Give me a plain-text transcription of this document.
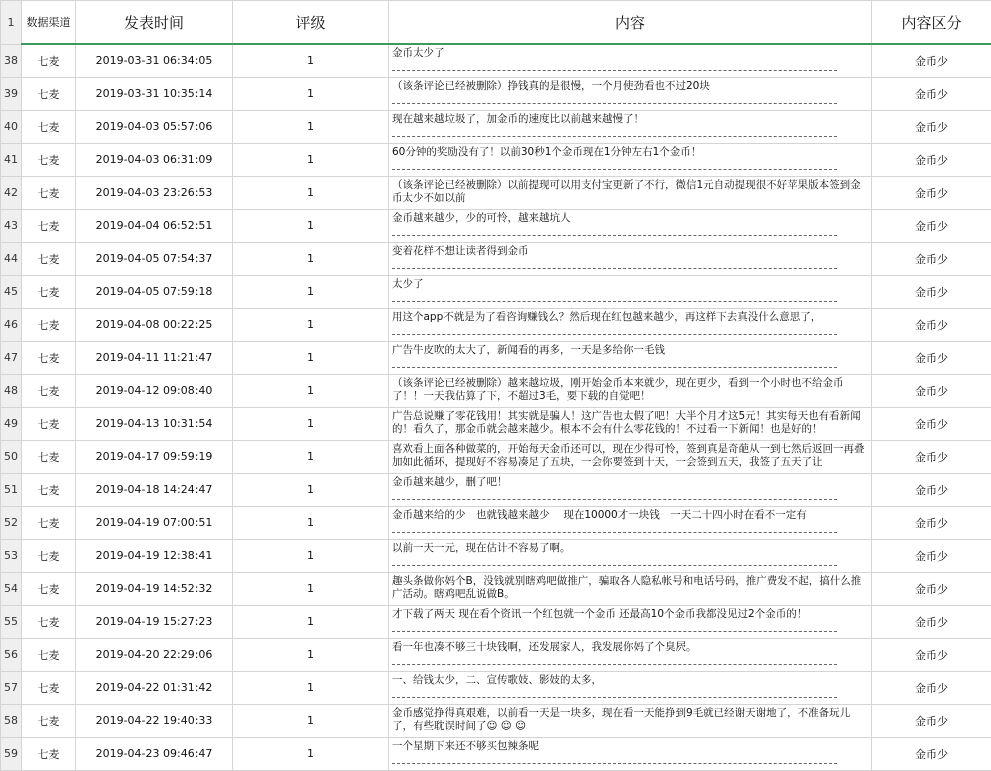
1	数据渠道	发表时间	评级	内容	内容区分
38	七麦	2019-03-31 06:34:05	1	金币太少了	金币少
39	七麦	2019-03-31 10:35:14	1	（该条评论已经被删除）挣钱真的是很慢，一个月使劲看也不过20块	金币少
40	七麦	2019-04-03 05:57:06	1	现在越来越垃圾了，加金币的速度比以前越来越慢了！	金币少
41	七麦	2019-04-03 06:31:09	1	60分钟的奖励没有了！以前30秒1个金币现在1分钟左右1个金币！	金币少
42	七麦	2019-04-03 23:26:53	1	（该条评论已经被删除）以前提现可以用支付宝更新了不行，微信1元自动提现很不好苹果版本签到金币太少不如以前	金币少
43	七麦	2019-04-04 06:52:51	1	金币越来越少，少的可怜，越来越坑人	金币少
44	七麦	2019-04-05 07:54:37	1	变着花样不想让读者得到金币	金币少
45	七麦	2019-04-05 07:59:18	1	太少了	金币少
46	七麦	2019-04-08 00:22:25	1	用这个app不就是为了看咨询赚钱么？然后现在红包越来越少，再这样下去真没什么意思了，	金币少
47	七麦	2019-04-11 11:21:47	1	广告牛皮吹的太大了，新闻看的再多，一天是多给你一毛钱	金币少
48	七麦	2019-04-12 09:08:40	1	（该条评论已经被删除）越来越垃圾，刚开始金币本来就少，现在更少，看到一个小时也不给金币了！！一天我估算了下，不超过3毛，要下载的自觉吧！	金币少
49	七麦	2019-04-13 10:31:54	1	广告总说赚了零花钱用！其实就是骗人！这广告也太假了吧！大半个月才这5元！其实每天也有看新闻的！看久了，那金币就会越来越少。根本不会有什么零花钱的！不过看一下新闻！也是好的！	金币少
50	七麦	2019-04-17 09:59:19	1	喜欢看上面各种做菜的，开始每天金币还可以，现在少得可怜，签到真是奇葩从一到七然后返回一再叠加如此循环，提现好不容易凑足了五块，一会你要签到十天，一会签到五天，我签了五天了让	金币少
51	七麦	2019-04-18 14:24:47	1	金币越来越少，删了吧！	金币少
52	七麦	2019-04-19 07:00:51	1	金币越来给的少　也就钱越来越少　 现在10000才一块钱　一天二十四小时在看不一定有	金币少
53	七麦	2019-04-19 12:38:41	1	以前一天一元，现在估计不容易了啊。	金币少
54	七麦	2019-04-19 14:52:32	1	趣头条做你妈个B，没钱就别瞎鸡吧做推广，骗取各人隐私帐号和电话号码，推广费发不起，搞什么推广活动。瞎鸡吧乱说做B。	金币少
55	七麦	2019-04-19 15:27:23	1	才下载了两天 现在看个资讯一个红包就一个金币 还最高10个金币我都没见过2个金币的！	金币少
56	七麦	2019-04-20 22:29:06	1	看一年也凑不够三十块钱啊，还发展家人，我发展你妈了个臭屄。	金币少
57	七麦	2019-04-22 01:31:42	1	一、给钱太少，二、宣传歌妓、影妓的太多，	金币少
58	七麦	2019-04-22 19:40:33	1	金币感觉挣得真艰难，以前看一天是一块多，现在看一天能挣到9毛就已经谢天谢地了，不准备玩儿了，有些耽误时间了☺ ☺ ☺	金币少
59	七麦	2019-04-23 09:46:47	1	一个星期下来还不够买包辣条呢	金币少
